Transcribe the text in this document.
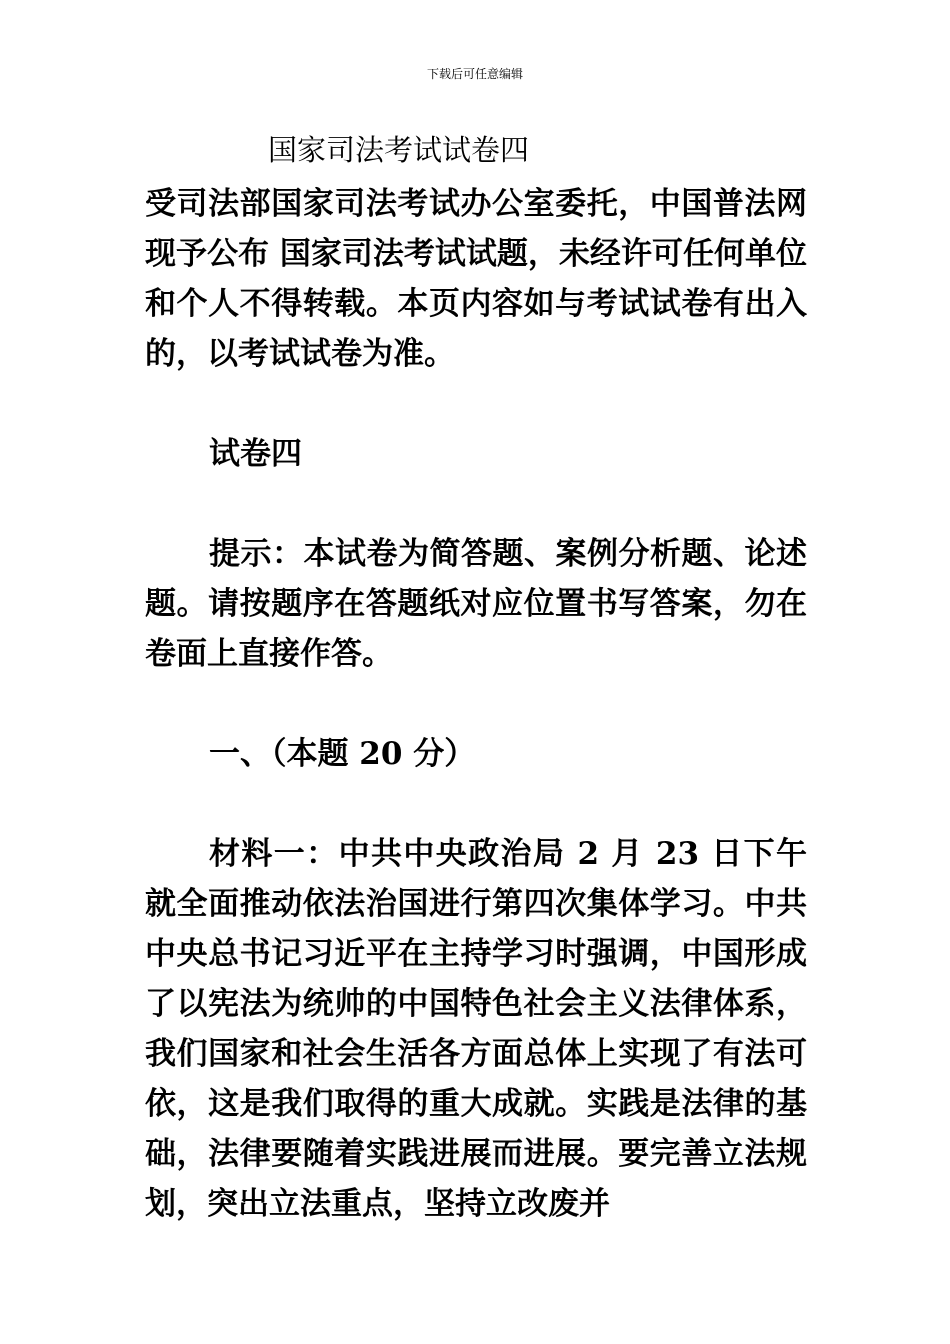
下载后可任意编辑
国家司法考试试卷四

受司法部国家司法考试办公室委托，中国普法网现予公布 国家司法考试试题，未经许可任何单位和个人不得转载。本页内容如与考试试卷有出入的，以考试试卷为准。

试卷四

提示：本试卷为简答题、案例分析题、论述题。请按题序在答题纸对应位置书写答案，勿在卷面上直接作答。

一、（本题 20 分）

材料一：中共中央政治局 2 月 23 日下午就全面推动依法治国进行第四次集体学习。中共中央总书记习近平在主持学习时强调，中国形成了以宪法为统帅的中国特色社会主义法律体系，我们国家和社会生活各方面总体上实现了有法可依，这是我们取得的重大成就。实践是法律的基础，法律要随着实践进展而进展。要完善立法规划，突出立法重点，坚持立改废并
